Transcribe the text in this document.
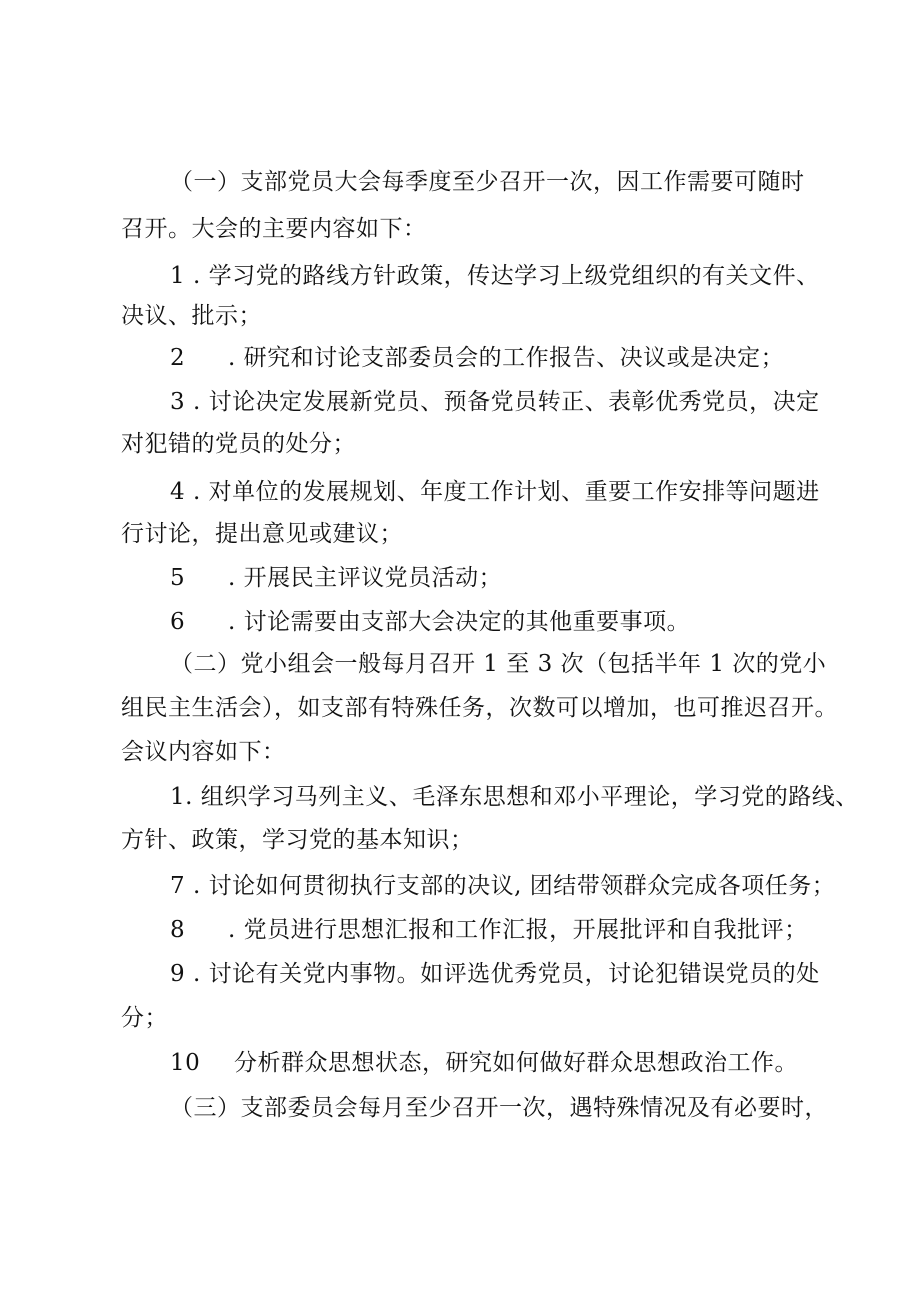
（一）支部党员大会每季度至少召开一次，因工作需要可随时
召开。大会的主要内容如下：
1 . 学习党的路线方针政策，传达学习上级党组织的有关文件、
决议、批示；
2 . 研究和讨论支部委员会的工作报告、决议或是决定；
3 . 讨论决定发展新党员、预备党员转正、表彰优秀党员，决定
对犯错的党员的处分；
4 . 对单位的发展规划、年度工作计划、重要工作安排等问题进
行讨论，提出意见或建议；
5 . 开展民主评议党员活动；
6 . 讨论需要由支部大会决定的其他重要事项。
（二）党小组会一般每月召开 1 至 3 次（包括半年 1 次的党小
组民主生活会），如支部有特殊任务，次数可以增加，也可推迟召开。
会议内容如下：
1. 组织学习马列主义、毛泽东思想和邓小平理论，学习党的路线、
方针、政策，学习党的基本知识；
7 . 讨论如何贯彻执行支部的决议, 团结带领群众完成各项任务；
8 . 党员进行思想汇报和工作汇报，开展批评和自我批评；
9 . 讨论有关党内事物。如评选优秀党员，讨论犯错误党员的处
分；
10 分析群众思想状态，研究如何做好群众思想政治工作。
（三）支部委员会每月至少召开一次，遇特殊情况及有必要时，
